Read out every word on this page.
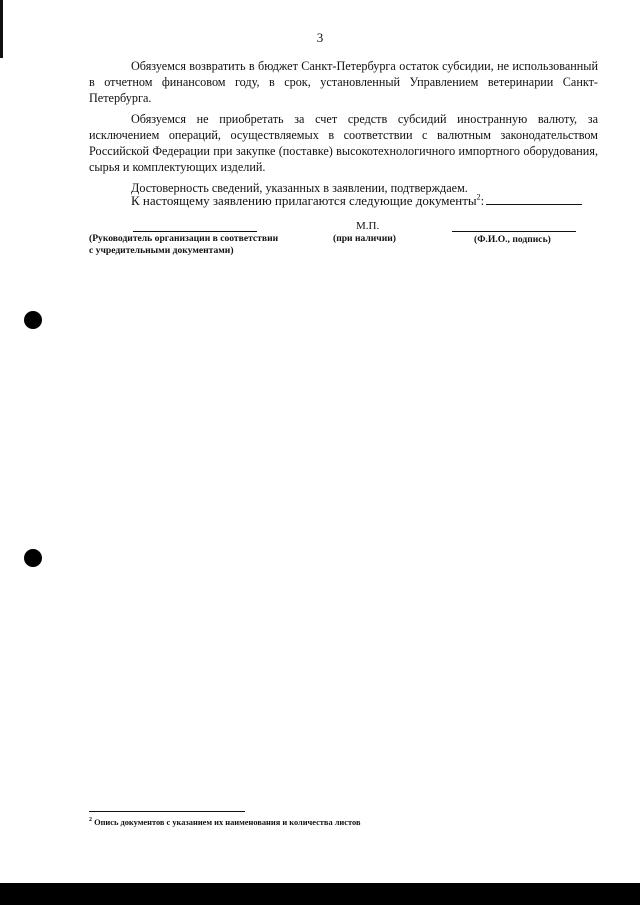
3

Обязуемся возвратить в бюджет Санкт-Петербурга остаток субсидии, не использованный в отчетном финансовом году, в срок, установленный Управлением ветеринарии Санкт-Петербурга.

Обязуемся не приобретать за счет средств субсидий иностранную валюту, за исключением операций, осуществляемых в соответствии с валютным законодательством Российской Федерации при закупке (поставке) высокотехнологичного импортного оборудования, сырья и комплектующих изделий.

Достоверность сведений, указанных в заявлении, подтверждаем.

К настоящему заявлению прилагаются следующие документы$^2$:
М.П.
(Руководитель организации в соответствии
с учредительными документами)
(при наличии)	(Ф.И.О., подпись)
$^2$ Опись документов с указанием их наименования и количества листов
